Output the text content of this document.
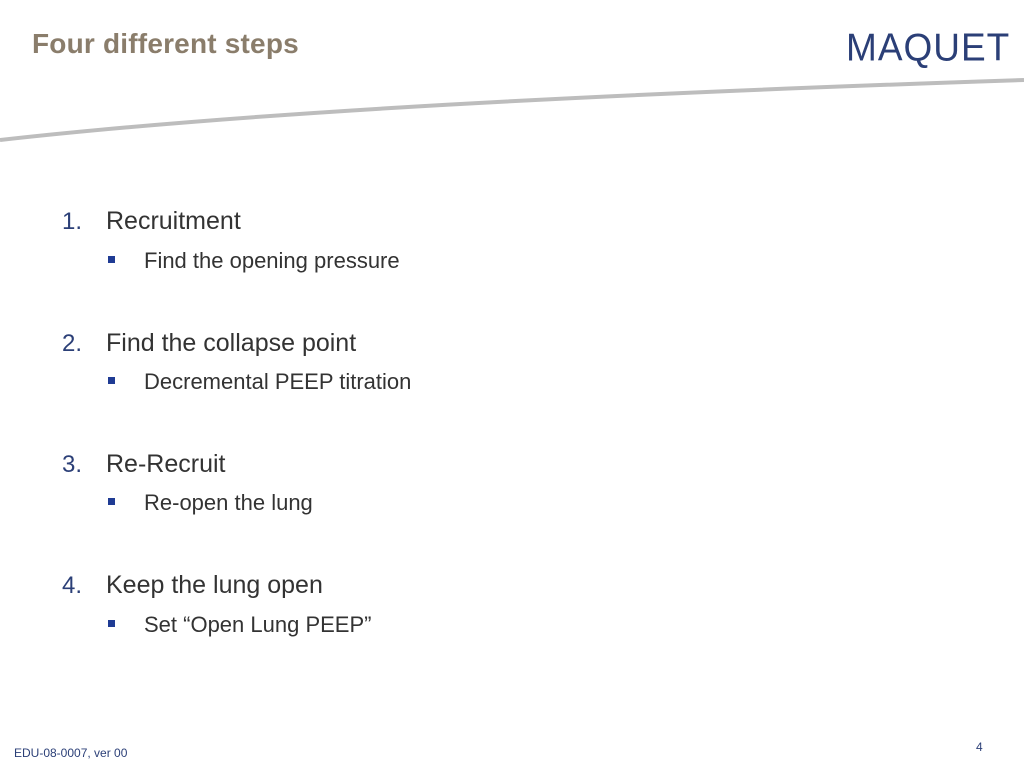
Four different steps	MAQUET
1. Recruitment
Find the opening pressure
2. Find the collapse point
Decremental PEEP titration
3. Re-Recruit
Re-open the lung
4. Keep the lung open
Set “Open Lung PEEP”
EDU-08-0007, ver 00	4
